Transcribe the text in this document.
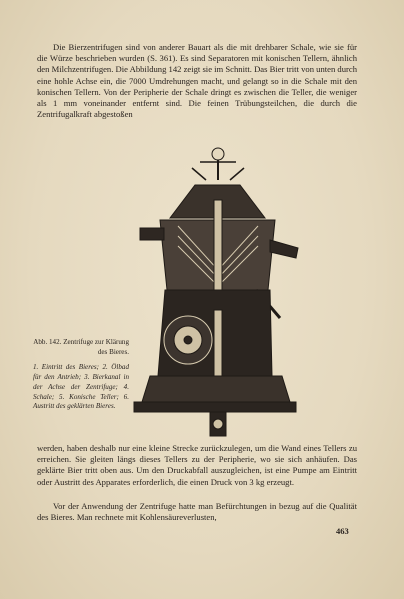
Die Bierzentrifugen sind von anderer Bauart als die mit drehbarer Schale, wie sie für die Würze beschrieben wurden (S. 361). Es sind Separatoren mit konischen Tellern, ähnlich den Milchzentrifugen. Die Abbildung 142 zeigt sie im Schnitt. Das Bier tritt von unten durch eine hohle Achse ein, die 7000 Umdrehungen macht, und gelangt so in die Schale mit den konischen Tellern. Von der Peripherie der Schale dringt es zwischen die Teller, die weniger als 1 mm voneinander entfernt sind. Die feinen Trübungsteilchen, die durch die Zentrifugalkraft abgestoßen

Abb. 142. Zentrifuge zur Klärung des Bieres.
1. Eintritt des Bieres; 2. Ölbad für den Antrieb; 3. Bierkanal in der Achse der Zentrifuge; 4. Schale; 5. Konische Teller; 6. Austritt des geklärten Bieres.

werden, haben deshalb nur eine kleine Strecke zurückzulegen, um die Wand eines Tellers zu erreichen. Sie gleiten längs dieses Tellers zu der Peripherie, wo sie sich anhäufen. Das geklärte Bier tritt oben aus. Um den Druckabfall auszugleichen, ist eine Pumpe am Eintritt oder Austritt des Apparates erforderlich, die einen Druck von 3 kg erzeugt.

Vor der Anwendung der Zentrifuge hatte man Befürchtungen in bezug auf die Qualität des Bieres. Man rechnete mit Kohlensäureverlusten,

463
